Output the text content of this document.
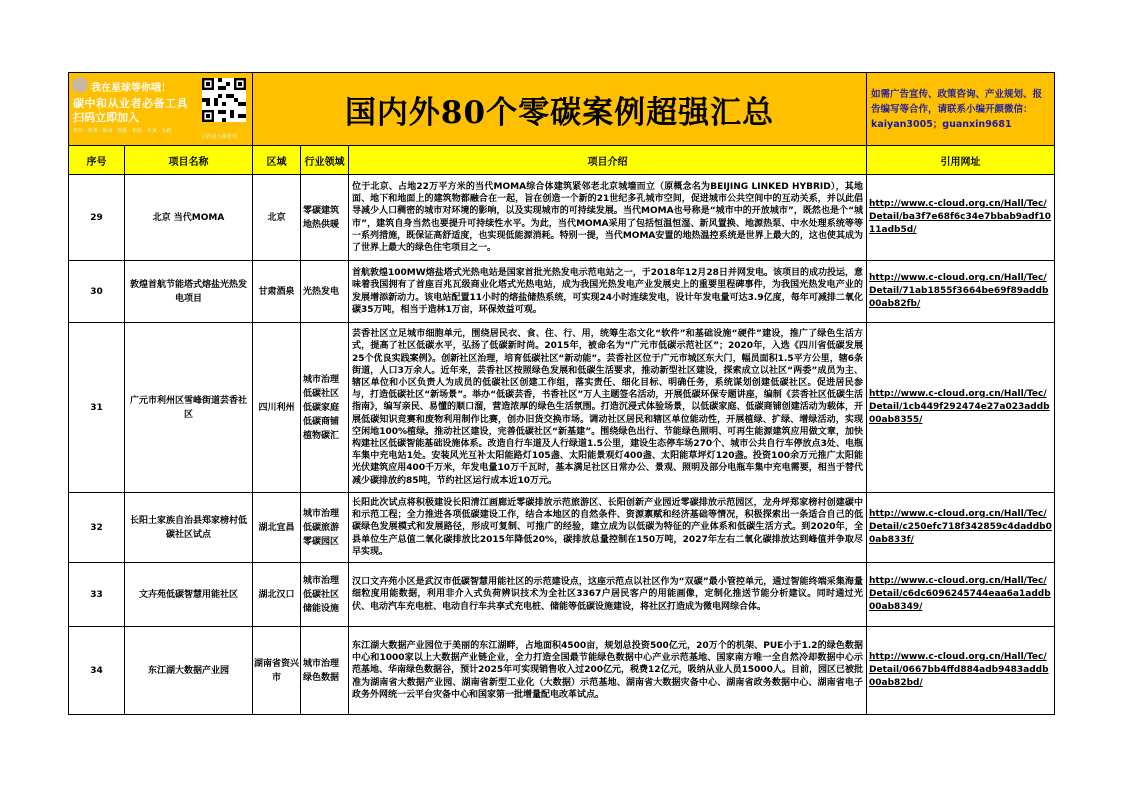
我在星球等你哦！
碳中和从业者必备工具
扫码立即加入
知识 · 政策 · 解读 · 数据 · 指标 · 专家 · 实践
扫码进入碳星球		国内外80个零碳案例超强汇总			如需广告宣传、政策咨询、产业规划、报告编写等合作，请联系小编开颜微信：kaiyan3005；guanxin9681
序号	项目名称	区域	行业领域	项目介绍	引用网址
29	北京 当代MOMA	北京	零碳建筑 地热供暖	位于北京、占地22万平方米的当代MOMA综合体建筑紧邻老北京城墙而立（原概念名为BEIJING LINKED HYBRID），其地面、地下和地面上的建筑物都融合在一起，旨在创造一个新的21世纪多孔城市空间，促进城市公共空间中的互动关系，并以此倡导减少人口稠密的城市对环境的影响，以及实现城市的可持续发展。当代MOMA也号称是“城市中的开放城市”，既然也是个“城市”，建筑自身当然也要提升可持续性水平。为此，当代MOMA采用了包括恒温恒湿、新风置换、地源热泵、中水处理系统等等一系列措施，既保证高舒适度，也实现低能源消耗。特别一提，当代MOMA安置的地热温控系统是世界上最大的，这也使其成为了世界上最大的绿色住宅项目之一。	http://www.c-cloud.org.cn/Hall/Tec/Detail/ba3f7e68f6c34e7bbab9adf1011adb5d/
30	敦煌首航节能塔式熔盐光热发电项目	甘肃酒泉	光热发电	首航敦煌100MW熔盐塔式光热电站是国家首批光热发电示范电站之一，于2018年12月28日并网发电。该项目的成功投运，意味着我国拥有了首座百兆瓦级商业化塔式光热电站，成为我国光热发电产业发展史上的重要里程碑事件，为我国光热发电产业的发展增添新动力。该电站配置11小时的熔盐储热系统，可实现24小时连续发电，设计年发电量可达3.9亿度，每年可减排二氧化碳35万吨，相当于造林1万亩，环保效益可观。	http://www.c-cloud.org.cn/Hall/Tec/Detail/71ab1855f3664be69f89addb00ab82fb/
31	广元市利州区雪峰街道芸香社区	四川利州	城市治理 低碳社区 低碳家庭 低碳商铺 植物碳汇	芸香社区立足城市细胞单元，围绕居民衣、食、住、行、用，统筹生态文化“软件”和基础设施“硬件”建设，推广了绿色生活方式，提高了社区低碳水平，弘扬了低碳新时尚。2015年，被命名为“广元市低碳示范社区”；2020年，入选《四川省低碳发展25个优良实践案例》。创新社区治理，培育低碳社区“新动能”。芸香社区位于广元市城区东大门，幅员面积1.5平方公里，辖6条街道，人口3万余人。近年来，芸香社区按照绿色发展和低碳生活要求，推动新型社区建设，探索成立以社区“两委”成员为主、辖区单位和小区负责人为成员的低碳社区创建工作组，落实责任、细化目标、明确任务，系统谋划创建低碳社区。促进居民参与，打造低碳社区“新场景”。举办“低碳芸香，书香社区”万人主题签名活动，开展低碳环保专题讲座，编制《芸香社区低碳生活指南》，编写亲民、易懂的顺口溜，营造浓厚的绿色生活氛围。打造沉浸式体验场景，以低碳家庭、低碳商铺创建活动为载体，开展低碳知识竞赛和废物利用制作比赛，创办旧货交换市场。调动社区居民和辖区单位能动性，开展植绿、扩绿、增绿活动，实现空闲地100%植绿。推动社区建设，完善低碳社区“新基建”。围绕绿色出行、节能绿色照明、可再生能源建筑应用做文章，加快构建社区低碳智能基础设施体系。改造自行车道及人行绿道1.5公里，建设生态停车场270个、城市公共自行车停放点3处、电瓶车集中充电站1处。安装风光互补太阳能路灯105盏、太阳能景观灯400盏、太阳能草坪灯120盏。投资100余万元推广太阳能光伏建筑应用400千万米，年发电量10万千瓦时，基本满足社区日常办公、景观、照明及部分电瓶车集中充电需要，相当于替代减少碳排放约85吨，节约社区运行成本近10万元。	http://www.c-cloud.org.cn/Hall/Tec/Detail/1cb449f292474e27a023addb00ab8355/
32	长阳土家族自治县郑家榜村低碳社区试点	湖北宜昌	城市治理 低碳旅游 零碳园区	长阳此次试点将积极建设长阳清江画廊近零碳排放示范旅游区、长阳创新产业园近零碳排放示范园区，龙舟坪郑家榜村创建碳中和示范工程；全力推进各项低碳建设工作，结合本地区的自然条件、资源禀赋和经济基础等情况，积极探索出一条适合自己的低碳绿色发展模式和发展路径，形成可复制、可推广的经验，建立成为以低碳为特征的产业体系和低碳生活方式。到2020年，全县单位生产总值二氧化碳排放比2015年降低20%，碳排放总量控制在150万吨，2027年左右二氧化碳排放达到峰值并争取尽早实现。	http://www.c-cloud.org.cn/Hall/Tec/Detail/c250efc718f342859c4daddb00ab833f/
33	文卉苑低碳智慧用能社区	湖北汉口	城市治理 低碳社区 储能设施	汉口文卉苑小区是武汉市低碳智慧用能社区的示范建设点，这座示范点以社区作为“双碳”最小管控单元，通过智能终端采集海量细粒度用能数据，利用非介入式负荷辨识技术为全社区3367户居民客户的用能画像，定制化推送节能分析建议。同时通过光伏、电动汽车充电桩、电动自行车共享式充电桩、储能等低碳设施建设，将社区打造成为微电网综合体。	http://www.c-cloud.org.cn/Hall/Tec/Detail/c6dc6096245744eaa6a1addb00ab8349/
34	东江湖大数据产业园	湖南省资兴市	城市治理 绿色数据	东江湖大数据产业园位于美丽的东江湖畔，占地面积4500亩，规划总投资500亿元，20万个的机架、PUE小于1.2的绿色数据中心和1000家以上大数据产业链企业，全力打造全国最节能绿色数据中心产业示范基地、国家南方唯一全自然冷却数据中心示范基地、华南绿色数据谷，预计2025年可实现销售收入过200亿元，税费12亿元，吸纳从业人员15000人。目前，园区已被批准为湖南省大数据产业园、湖南省新型工业化（大数据）示范基地、湖南省大数据灾备中心、湖南省政务数据中心、湖南省电子政务外网统一云平台灾备中心和国家第一批增量配电改革试点。	http://www.c-cloud.org.cn/Hall/Tec/Detail/0667bb4ffd884adb9483addb00ab82bd/
